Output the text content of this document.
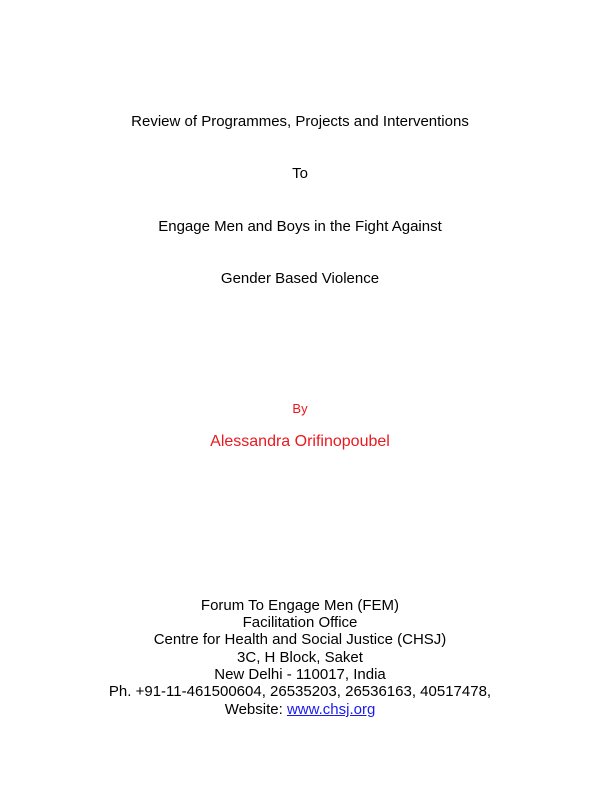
Review of Programmes, Projects and Interventions
To
Engage Men and Boys in the Fight Against
Gender Based Violence
By
Alessandra Orifinopoubel
Forum To Engage Men (FEM)
Facilitation Office
Centre for Health and Social Justice (CHSJ)
3C, H Block, Saket
New Delhi - 110017, India
Ph. +91-11-461500604, 26535203, 26536163, 40517478,
Website: www.chsj.org
